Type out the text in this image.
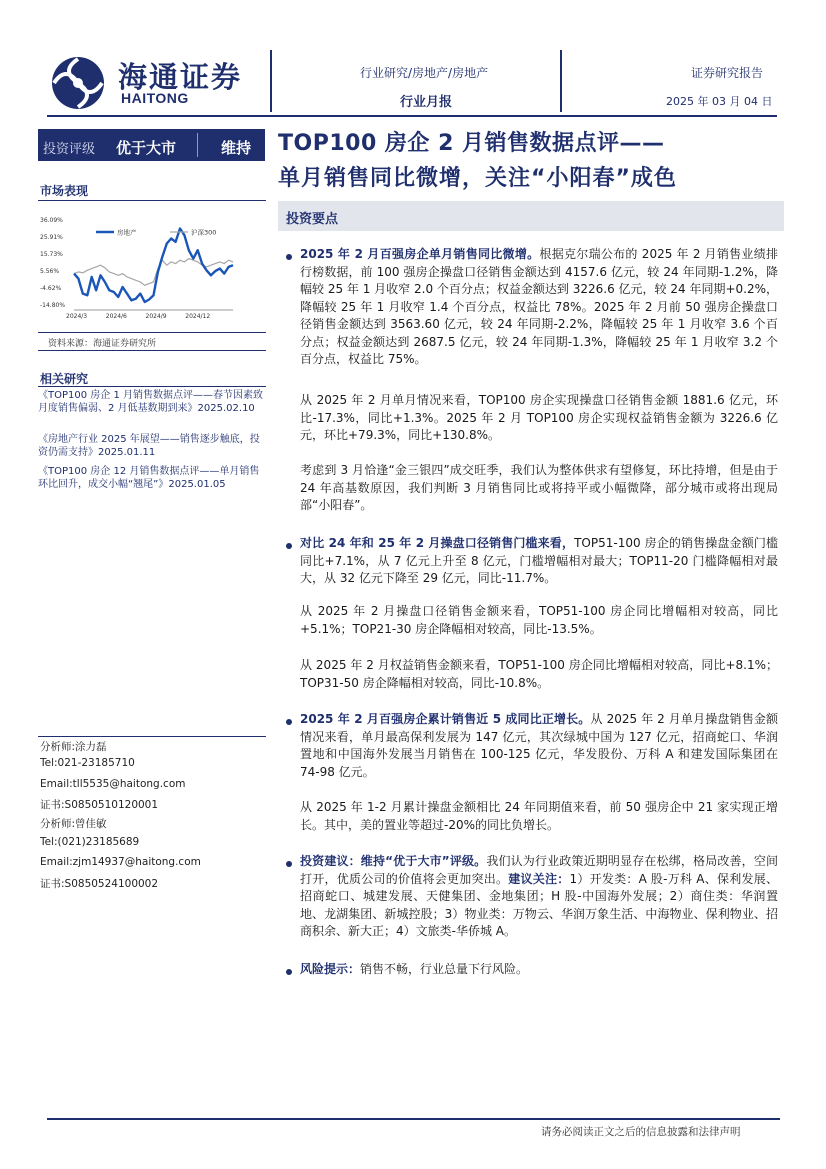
海通证券
HAITONG
行业研究/房地产/房地产
行业月报
证券研究报告
2025 年 03 月 04 日
投资评级 优于大市	维持 TOP100 房企 2 月销售数据点评——
单月销售同比微增，关注“小阳春”成色
市场表现
36.09%
25.91%
15.73%
5.56%
-4.62%
-14.80%
2024/3	2024/6	2024/9	2024/12
房地产	沪深300
资料来源：海通证券研究所
相关研究
《TOP100 房企 1 月销售数据点评——春节因素致月度销售偏弱、2 月低基数期到来》2025.02.10
《房地产行业 2025 年展望——销售逐步触底，投资仍需支持》2025.01.11
《TOP100 房企 12 月销售数据点评——单月销售环比回升，成交小幅“翘尾”》2025.01.05
分析师:涂力磊
Tel:021-23185710
Email:tll5535@haitong.com
证书:S0850510120001
分析师:曾佳敏
Tel:(021)23185689
Email:zjm14937@haitong.com
证书:S0850524100002
投资要点
2025 年 2 月百强房企单月销售同比微增。根据克尔瑞公布的 2025 年 2 月销售业绩排行榜数据，前 100 强房企操盘口径销售金额达到 4157.6 亿元，较 24 年同期-1.2%，降幅较 25 年 1 月收窄 2.0 个百分点；权益金额达到 3226.6 亿元，较 24 年同期+0.2%，降幅较 25 年 1 月收窄 1.4 个百分点，权益比 78%。2025 年 2 月前 50 强房企操盘口径销售金额达到 3563.60 亿元，较 24 年同期-2.2%，降幅较 25 年 1 月收窄 3.6 个百分点；权益金额达到 2687.5 亿元，较 24 年同期-1.3%，降幅较 25 年 1 月收窄 3.2 个百分点，权益比 75%。
从 2025 年 2 月单月情况来看，TOP100 房企实现操盘口径销售金额 1881.6 亿元，环比-17.3%，同比+1.3%。2025 年 2 月 TOP100 房企实现权益销售金额为 3226.6 亿元，环比+79.3%，同比+130.8%。
考虑到 3 月恰逢“金三银四”成交旺季，我们认为整体供求有望修复，环比持增，但是由于 24 年高基数原因，我们判断 3 月销售同比或将持平或小幅微降，部分城市或将出现局部“小阳春”。
对比 24 年和 25 年 2 月操盘口径销售门槛来看，TOP51-100 房企的销售操盘金额门槛同比+7.1%，从 7 亿元上升至 8 亿元，门槛增幅相对最大；TOP11-20 门槛降幅相对最大，从 32 亿元下降至 29 亿元，同比-11.7%。
从 2025 年 2 月操盘口径销售金额来看，TOP51-100 房企同比增幅相对较高，同比+5.1%；TOP21-30 房企降幅相对较高，同比-13.5%。
从 2025 年 2 月权益销售金额来看，TOP51-100 房企同比增幅相对较高，同比+8.1%；TOP31-50 房企降幅相对较高，同比-10.8%。
2025 年 2 月百强房企累计销售近 5 成同比正增长。从 2025 年 2 月单月操盘销售金额情况来看，单月最高保利发展为 147 亿元，其次绿城中国为 127 亿元，招商蛇口、华润置地和中国海外发展当月销售在 100-125 亿元，华发股份、万科 A 和建发国际集团在 74-98 亿元。
从 2025 年 1-2 月累计操盘金额相比 24 年同期值来看，前 50 强房企中 21 家实现正增长。其中，美的置业等超过-20%的同比负增长。
投资建议：维持“优于大市”评级。我们认为行业政策近期明显存在松绑，格局改善，空间打开，优质公司的价值将会更加突出。建议关注：1）开发类：A 股-万科 A、保利发展、招商蛇口、城建发展、天健集团、金地集团；H 股-中国海外发展；2）商住类：华润置地、龙湖集团、新城控股；3）物业类：万物云、华润万象生活、中海物业、保利物业、招商积余、新大正；4）文旅类-华侨城 A。
风险提示：销售不畅，行业总量下行风险。
请务必阅读正文之后的信息披露和法律声明
